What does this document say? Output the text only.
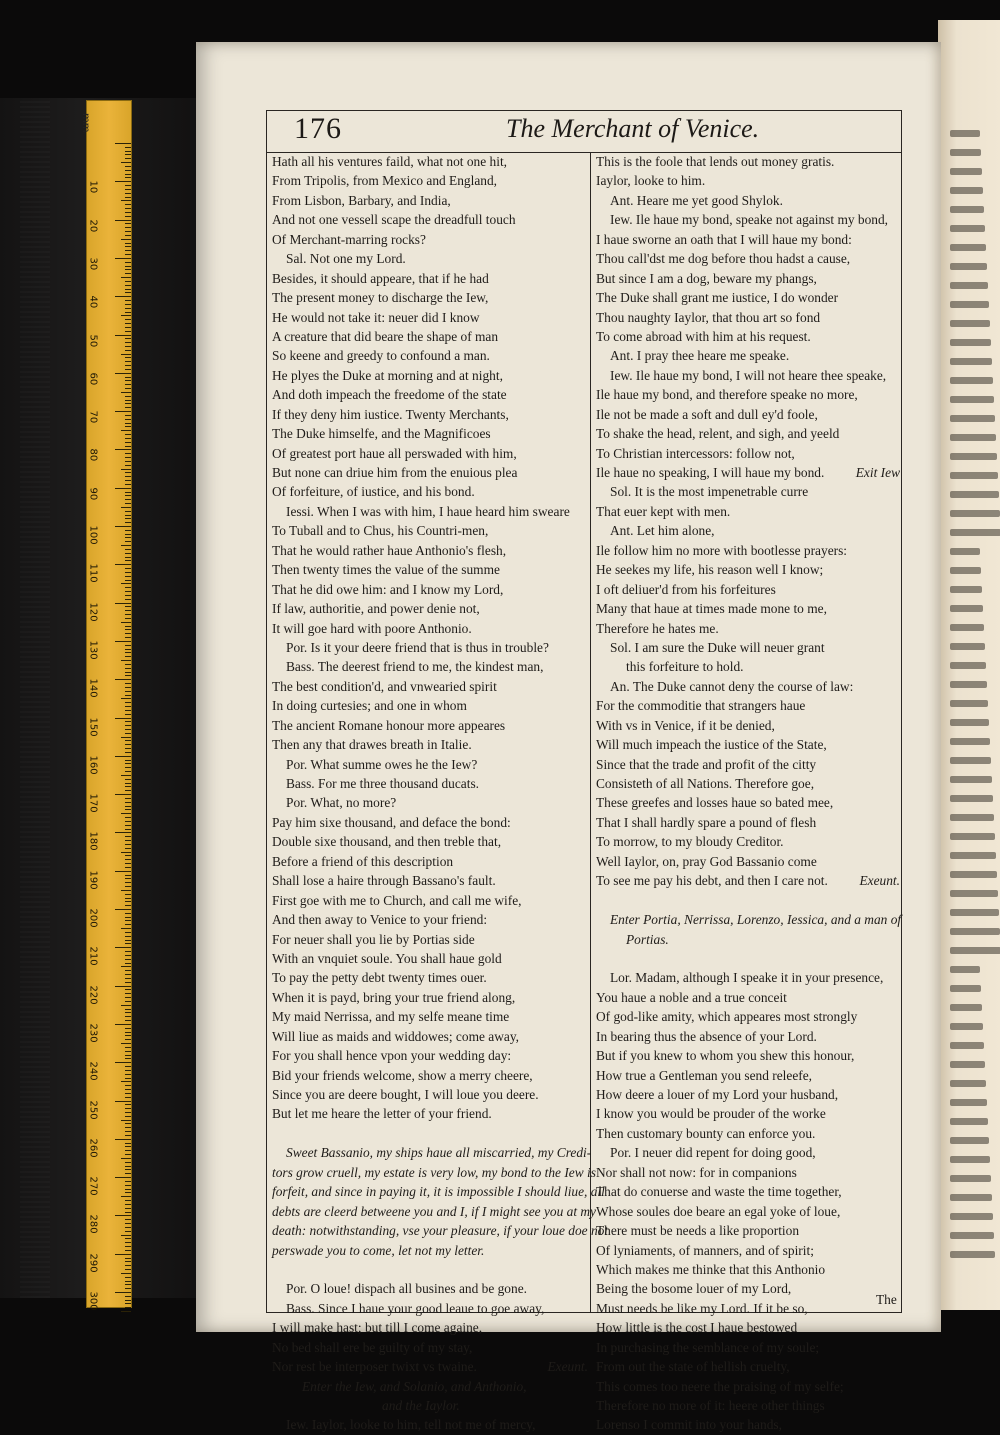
mm
10
20
30
40
50
60
70
80
90
100
110
120
130
140
150
160
170
180
190
200
210
220
230
240
250
260
270
280
290
300
176	The Merchant of Venice.
Hath all his ventures faild, what not one hit,
From Tripolis, from Mexico and England,
From Lisbon, Barbary, and India,
And not one vessell scape the dreadfull touch
Of Merchant-marring rocks?
Sal. Not one my Lord.
Besides, it should appeare, that if he had
The present money to discharge the Iew,
He would not take it: neuer did I know
A creature that did beare the shape of man
So keene and greedy to confound a man.
He plyes the Duke at morning and at night,
And doth impeach the freedome of the state
If they deny him iustice. Twenty Merchants,
The Duke himselfe, and the Magnificoes
Of greatest port haue all perswaded with him,
But none can driue him from the enuious plea
Of forfeiture, of iustice, and his bond.
Iessi. When I was with him, I haue heard him sweare
To Tuball and to Chus, his Countri-men,
That he would rather haue Anthonio's flesh,
Then twenty times the value of the summe
That he did owe him: and I know my Lord,
If law, authoritie, and power denie not,
It will goe hard with poore Anthonio.
Por. Is it your deere friend that is thus in trouble?
Bass. The deerest friend to me, the kindest man,
The best condition'd, and vnwearied spirit
In doing curtesies; and one in whom
The ancient Romane honour more appeares
Then any that drawes breath in Italie.
Por. What summe owes he the Iew?
Bass. For me three thousand ducats.
Por. What, no more?
Pay him sixe thousand, and deface the bond:
Double sixe thousand, and then treble that,
Before a friend of this description
Shall lose a haire through Bassano's fault.
First goe with me to Church, and call me wife,
And then away to Venice to your friend:
For neuer shall you lie by Portias side
With an vnquiet soule. You shall haue gold
To pay the petty debt twenty times ouer.
When it is payd, bring your true friend along,
My maid Nerrissa, and my selfe meane time
Will liue as maids and widdowes; come away,
For you shall hence vpon your wedding day:
Bid your friends welcome, show a merry cheere,
Since you are deere bought, I will loue you deere.
But let me heare the letter of your friend.
Sweet Bassanio, my ships haue all miscarried, my Credi-
tors grow cruell, my estate is very low, my bond to the Iew is
forfeit, and since in paying it, it is impossible I should liue, all
debts are cleerd betweene you and I, if I might see you at my
death: notwithstanding, vse your pleasure, if your loue doe not
perswade you to come, let not my letter.
Por. O loue! dispach all busines and be gone.
Bass. Since I haue your good leaue to goe away,
I will make hast; but till I come againe,
No bed shall ere be guilty of my stay,
Nor rest be interposer twixt vs twaine.	Exeunt.
Enter the Iew, and Solanio, and Anthonio,
and the Iaylor.
Iew. Iaylor, looke to him, tell not me of mercy,
This is the foole that lends out money gratis.
Iaylor, looke to him.
Ant. Heare me yet good Shylok.
Iew. Ile haue my bond, speake not against my bond,
I haue sworne an oath that I will haue my bond:
Thou call'dst me dog before thou hadst a cause,
But since I am a dog, beware my phangs,
The Duke shall grant me iustice, I do wonder
Thou naughty Iaylor, that thou art so fond
To come abroad with him at his request.
Ant. I pray thee heare me speake.
Iew. Ile haue my bond, I will not heare thee speake,
Ile haue my bond, and therefore speake no more,
Ile not be made a soft and dull ey'd foole,
To shake the head, relent, and sigh, and yeeld
To Christian intercessors: follow not,
Ile haue no speaking, I will haue my bond. Exit Iew
Sol. It is the most impenetrable curre
That euer kept with men.
Ant. Let him alone,
Ile follow him no more with bootlesse prayers:
He seekes my life, his reason well I know;
I oft deliuer'd from his forfeitures
Many that haue at times made mone to me,
Therefore he hates me.
Sol. I am sure the Duke will neuer grant
this forfeiture to hold.
An. The Duke cannot deny the course of law:
For the commoditie that strangers haue
With vs in Venice, if it be denied,
Will much impeach the iustice of the State,
Since that the trade and profit of the citty
Consisteth of all Nations. Therefore goe,
These greefes and losses haue so bated mee,
That I shall hardly spare a pound of flesh
To morrow, to my bloudy Creditor.
Well Iaylor, on, pray God Bassanio come
To see me pay his debt, and then I care not. Exeunt.
Enter Portia, Nerrissa, Lorenzo, Iessica, and a man of
Portias.
Lor. Madam, although I speake it in your presence,
You haue a noble and a true conceit
Of god-like amity, which appeares most strongly
In bearing thus the absence of your Lord.
But if you knew to whom you shew this honour,
How true a Gentleman you send releefe,
How deere a louer of my Lord your husband,
I know you would be prouder of the worke
Then customary bounty can enforce you.
Por. I neuer did repent for doing good,
Nor shall not now: for in companions
That do conuerse and waste the time together,
Whose soules doe beare an egal yoke of loue,
There must be needs a like proportion
Of lyniaments, of manners, and of spirit;
Which makes me thinke that this Anthonio
Being the bosome louer of my Lord,
Must needs be like my Lord. If it be so,
How little is the cost I haue bestowed
In purchasing the semblance of my soule;
From out the state of hellish cruelty,
This comes too neere the praising of my selfe;
Therefore no more of it: heere other things
Lorenso I commit into your hands,
The
